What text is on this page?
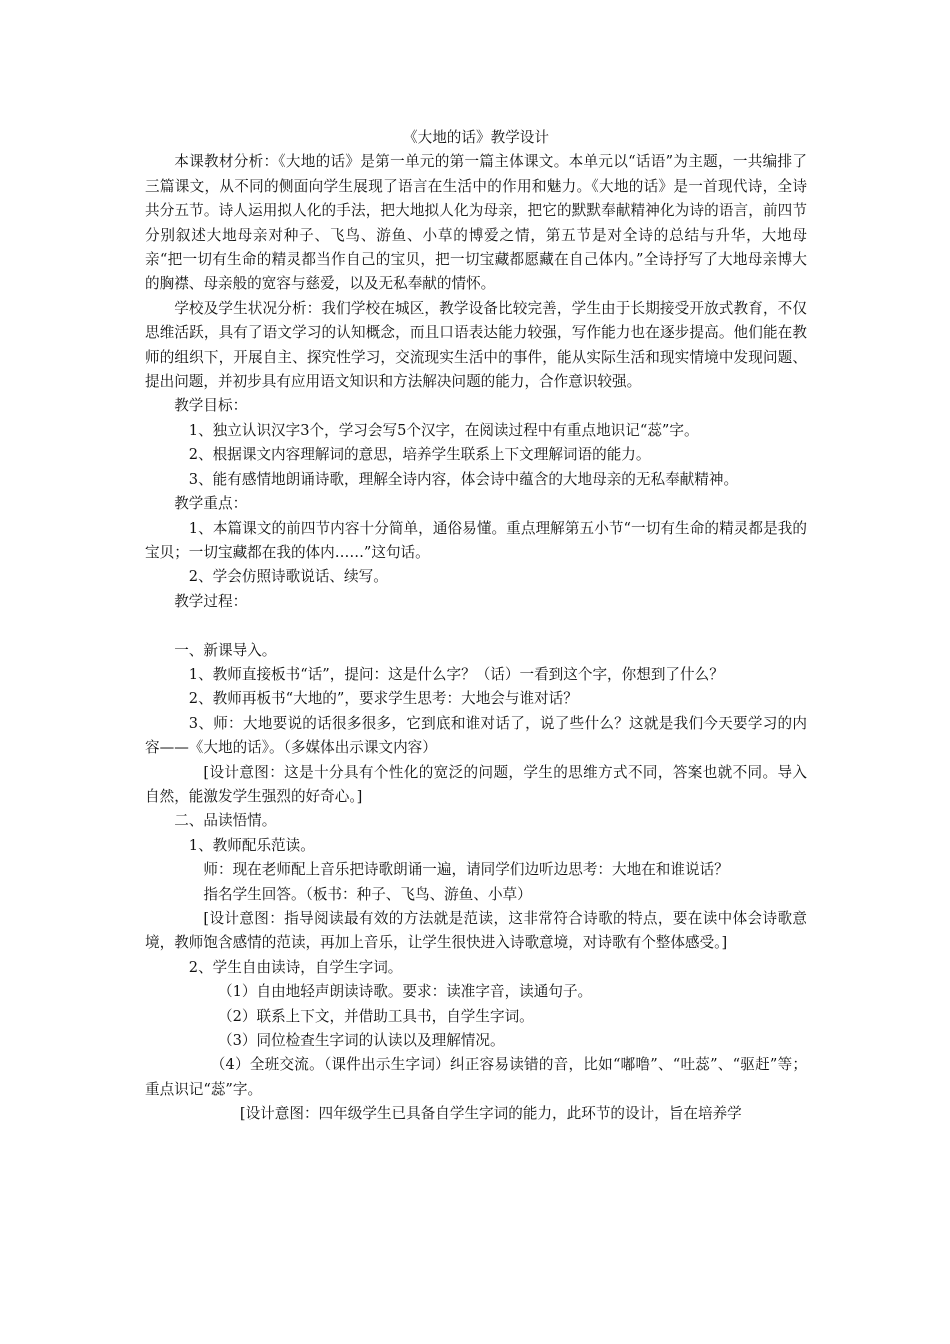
《大地的话》教学设计

本课教材分析：《大地的话》是第一单元的第一篇主体课文。本单元以“话语”为主题，一共编排了三篇课文，从不同的侧面向学生展现了语言在生活中的作用和魅力。《大地的话》是一首现代诗，全诗共分五节。诗人运用拟人化的手法，把大地拟人化为母亲，把它的默默奉献精神化为诗的语言，前四节分别叙述大地母亲对种子、飞鸟、游鱼、小草的博爱之情，第五节是对全诗的总结与升华，大地母亲“把一切有生命的精灵都当作自己的宝贝，把一切宝藏都愿藏在自己体内。”全诗抒写了大地母亲博大的胸襟、母亲般的宽容与慈爱，以及无私奉献的情怀。

学校及学生状况分析：我们学校在城区，教学设备比较完善，学生由于长期接受开放式教育，不仅思维活跃，具有了语文学习的认知概念，而且口语表达能力较强，写作能力也在逐步提高。他们能在教师的组织下，开展自主、探究性学习，交流现实生活中的事件，能从实际生活和现实情境中发现问题、提出问题，并初步具有应用语文知识和方法解决问题的能力，合作意识较强。

教学目标：

1、独立认识汉字3个，学习会写5个汉字，在阅读过程中有重点地识记“蕊”字。

2、根据课文内容理解词的意思，培养学生联系上下文理解词语的能力。

3、能有感情地朗诵诗歌，理解全诗内容，体会诗中蕴含的大地母亲的无私奉献精神。

教学重点：

1、本篇课文的前四节内容十分简单，通俗易懂。重点理解第五小节“一切有生命的精灵都是我的宝贝；一切宝藏都在我的体内……”这句话。

2、学会仿照诗歌说话、续写。

教学过程：

一、新课导入。

1、教师直接板书“话”，提问：这是什么字？（话）一看到这个字，你想到了什么？

2、教师再板书“大地的”，要求学生思考：大地会与谁对话？

3、师：大地要说的话很多很多，它到底和谁对话了，说了些什么？这就是我们今天要学习的内容——《大地的话》。（多媒体出示课文内容）

[设计意图：这是十分具有个性化的宽泛的问题，学生的思维方式不同，答案也就不同。导入自然，能激发学生强烈的好奇心。]

二、品读悟情。

1、教师配乐范读。

师：现在老师配上音乐把诗歌朗诵一遍，请同学们边听边思考：大地在和谁说话？

指名学生回答。（板书：种子、飞鸟、游鱼、小草）

[设计意图：指导阅读最有效的方法就是范读，这非常符合诗歌的特点，要在读中体会诗歌意境，教师饱含感情的范读，再加上音乐，让学生很快进入诗歌意境，对诗歌有个整体感受。]

2、学生自由读诗，自学生字词。

（1）自由地轻声朗读诗歌。要求：读准字音，读通句子。

（2）联系上下文，并借助工具书，自学生字词。

（3）同位检查生字词的认读以及理解情况。

（4）全班交流。（课件出示生字词）纠正容易读错的音，比如“嘟噜”、“吐蕊”、“驱赶”等；重点识记“蕊”字。

[设计意图：四年级学生已具备自学生字词的能力，此环节的设计，旨在培养学
